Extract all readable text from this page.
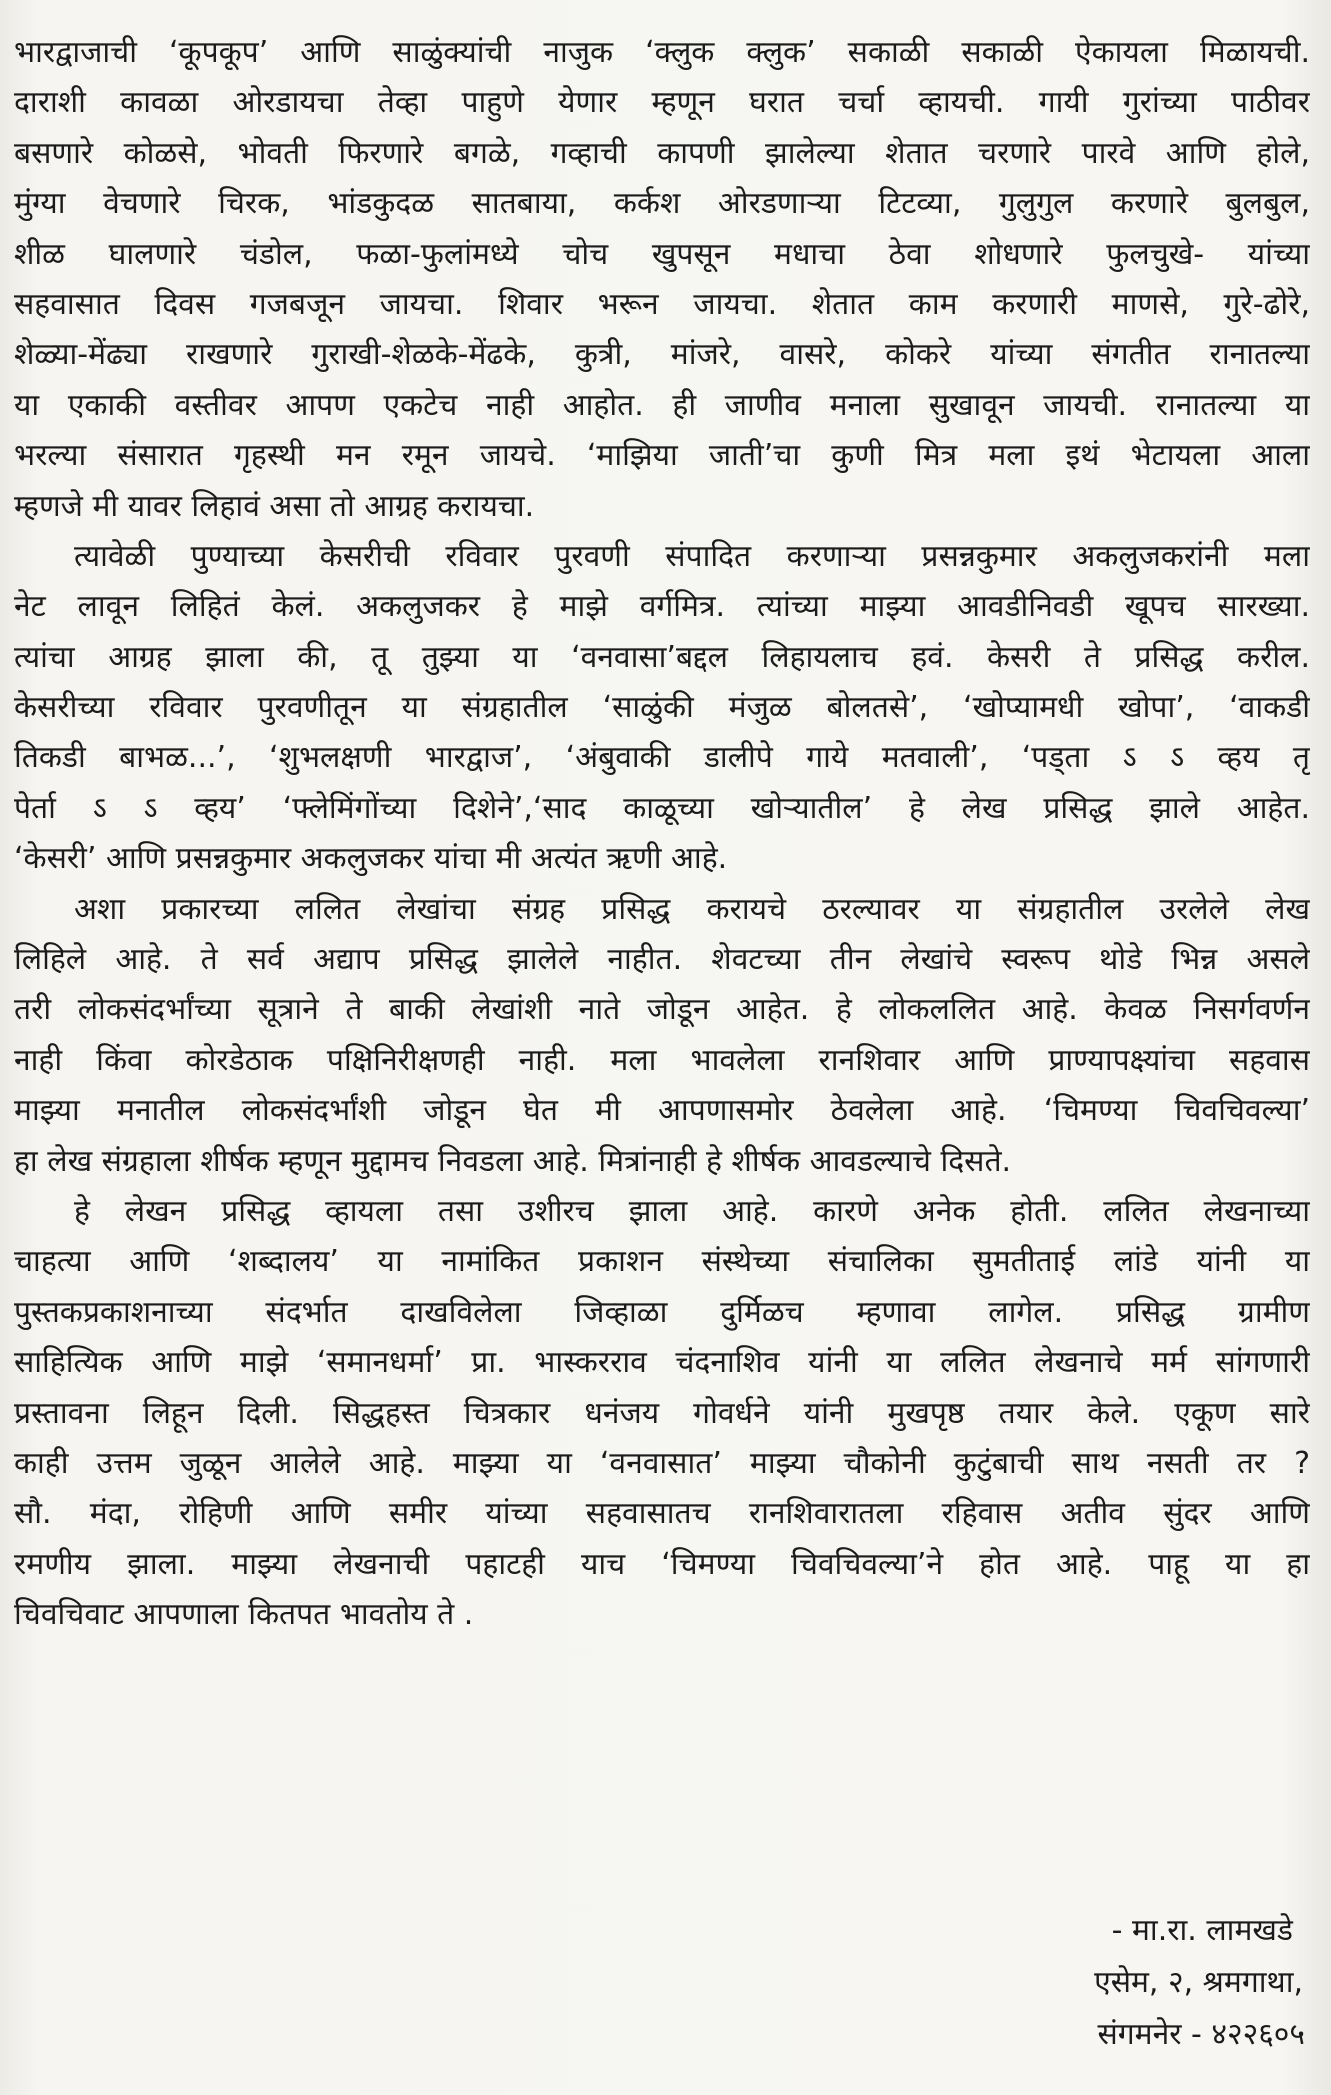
भारद्वाजाची ‘कूपकूप’ आणि साळुंक्यांची नाजुक ‘क्लुक क्लुक’ सकाळी सकाळी ऐकायला मिळायची.
दाराशी कावळा ओरडायचा तेव्हा पाहुणे येणार म्हणून घरात चर्चा व्हायची. गायी गुरांच्या पाठीवर
बसणारे कोळसे, भोवती फिरणारे बगळे, गव्हाची कापणी झालेल्या शेतात चरणारे पारवे आणि होले,
मुंग्या वेचणारे चिरक, भांडकुदळ सातबाया, कर्कश ओरडणाऱ्या टिटव्या, गुलुगुल करणारे बुलबुल,
शीळ घालणारे चंडोल, फळा-फुलांमध्ये चोच खुपसून मधाचा ठेवा शोधणारे फुलचुखे- यांच्या
सहवासात दिवस गजबजून जायचा. शिवार भरून जायचा. शेतात काम करणारी माणसे, गुरे-ढोरे,
शेळ्या-मेंढ्या राखणारे गुराखी-शेळके-मेंढके, कुत्री, मांजरे, वासरे, कोकरे यांच्या संगतीत रानातल्या
या एकाकी वस्तीवर आपण एकटेच नाही आहोत. ही जाणीव मनाला सुखावून जायची. रानातल्या या
भरल्या संसारात गृहस्थी मन रमून जायचे. ‘माझिया जाती’चा कुणी मित्र मला इथं भेटायला आला
म्हणजे मी यावर लिहावं असा तो आग्रह करायचा.
त्यावेळी पुण्याच्या केसरीची रविवार पुरवणी संपादित करणाऱ्या प्रसन्नकुमार अकलुजकरांनी मला
नेट लावून लिहितं केलं. अकलुजकर हे माझे वर्गमित्र. त्यांच्या माझ्या आवडीनिवडी खूपच सारख्या.
त्यांचा आग्रह झाला की, तू तुझ्या या ‘वनवासा’बद्दल लिहायलाच हवं. केसरी ते प्रसिद्ध करील.
केसरीच्या रविवार पुरवणीतून या संग्रहातील ‘साळुंकी मंजुळ बोलतसे’, ‘खोप्यामधी खोपा’, ‘वाकडी
तिकडी बाभळ...’, ‘शुभलक्षणी भारद्वाज’, ‘अंबुवाकी डालीपे गाये मतवाली’, ‘पड्ता ऽ ऽ व्हय तृ
पेर्ता ऽ ऽ व्हय’ ‘फ्लेमिंगोंच्या दिशेने’,‘साद काळूच्या खोऱ्यातील’ हे लेख प्रसिद्ध झाले आहेत.
‘केसरी’ आणि प्रसन्नकुमार अकलुजकर यांचा मी अत्यंत ऋणी आहे.
अशा प्रकारच्या ललित लेखांचा संग्रह प्रसिद्ध करायचे ठरल्यावर या संग्रहातील उरलेले लेख
लिहिले आहे. ते सर्व अद्याप प्रसिद्ध झालेले नाहीत. शेवटच्या तीन लेखांचे स्वरूप थोडे भिन्न असले
तरी लोकसंदर्भांच्या सूत्राने ते बाकी लेखांशी नाते जोडून आहेत. हे लोकललित आहे. केवळ निसर्गवर्णन
नाही किंवा कोरडेठाक पक्षिनिरीक्षणही नाही. मला भावलेला रानशिवार आणि प्राण्यापक्ष्यांचा सहवास
माझ्या मनातील लोकसंदर्भांशी जोडून घेत मी आपणासमोर ठेवलेला आहे. ‘चिमण्या चिवचिवल्या’
हा लेख संग्रहाला शीर्षक म्हणून मुद्दामच निवडला आहे. मित्रांनाही हे शीर्षक आवडल्याचे दिसते.
हे लेखन प्रसिद्ध व्हायला तसा उशीरच झाला आहे. कारणे अनेक होती. ललित लेखनाच्या
चाहत्या आणि ‘शब्दालय’ या नामांकित प्रकाशन संस्थेच्या संचालिका सुमतीताई लांडे यांनी या
पुस्तकप्रकाशनाच्या संदर्भात दाखविलेला जिव्हाळा दुर्मिळच म्हणावा लागेल. प्रसिद्ध ग्रामीण
साहित्यिक आणि माझे ‘समानधर्मा’ प्रा. भास्करराव चंदनाशिव यांनी या ललित लेखनाचे मर्म सांगणारी
प्रस्तावना लिहून दिली. सिद्धहस्त चित्रकार धनंजय गोवर्धने यांनी मुखपृष्ठ तयार केले. एकूण सारे
काही उत्तम जुळून आलेले आहे. माझ्या या ‘वनवासात’ माझ्या चौकोनी कुटुंबाची साथ नसती तर ?
सौ. मंदा, रोहिणी आणि समीर यांच्या सहवासातच रानशिवारातला रहिवास अतीव सुंदर आणि
रमणीय झाला. माझ्या लेखनाची पहाटही याच ‘चिमण्या चिवचिवल्या’ने होत आहे. पाहू या हा
चिवचिवाट आपणाला कितपत भावतोय ते .
- मा.रा. लामखडे
एसेम, २, श्रमगाथा,
संगमनेर - ४२२६०५
